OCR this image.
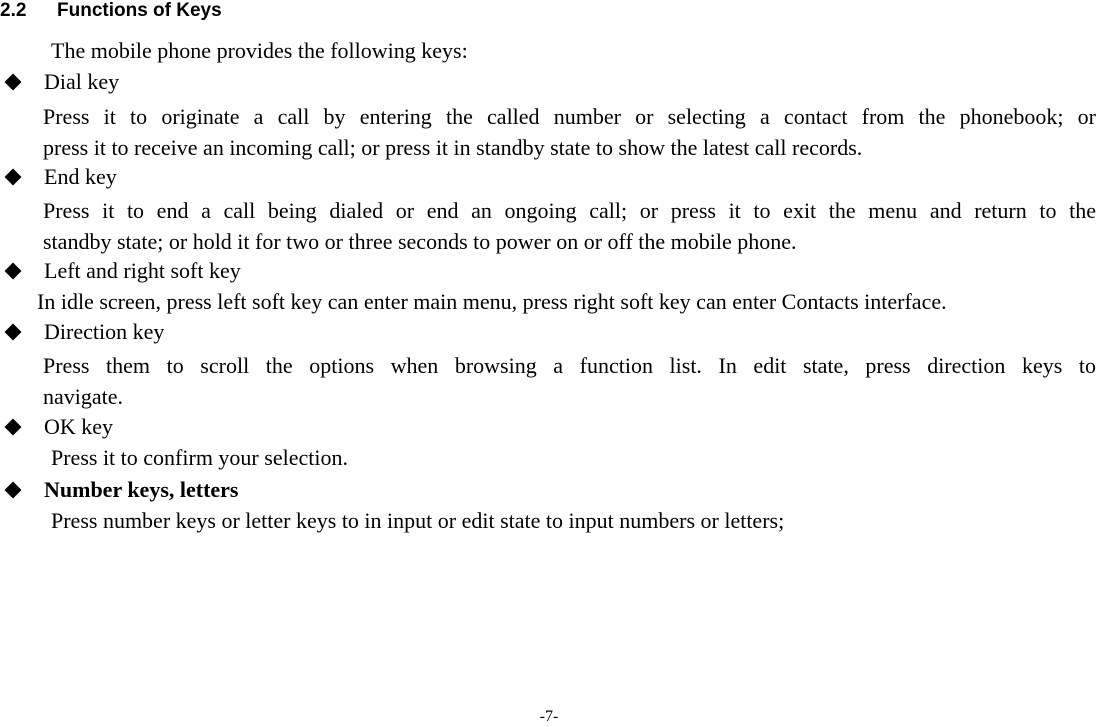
2.2 Functions of Keys
The mobile phone provides the following keys:
Dial key
Press it to originate a call by entering the called number or selecting a contact from the phonebook; or
press it to receive an incoming call; or press it in standby state to show the latest call records.
End key
Press it to end a call being dialed or end an ongoing call; or press it to exit the menu and return to the
standby state; or hold it for two or three seconds to power on or off the mobile phone.
Left and right soft key
In idle screen, press left soft key can enter main menu, press right soft key can enter Contacts interface.
Direction key
Press them to scroll the options when browsing a function list. In edit state, press direction keys to
navigate.
OK key
Press it to confirm your selection.
Number keys, letters
Press number keys or letter keys to in input or edit state to input numbers or letters;
-7-
